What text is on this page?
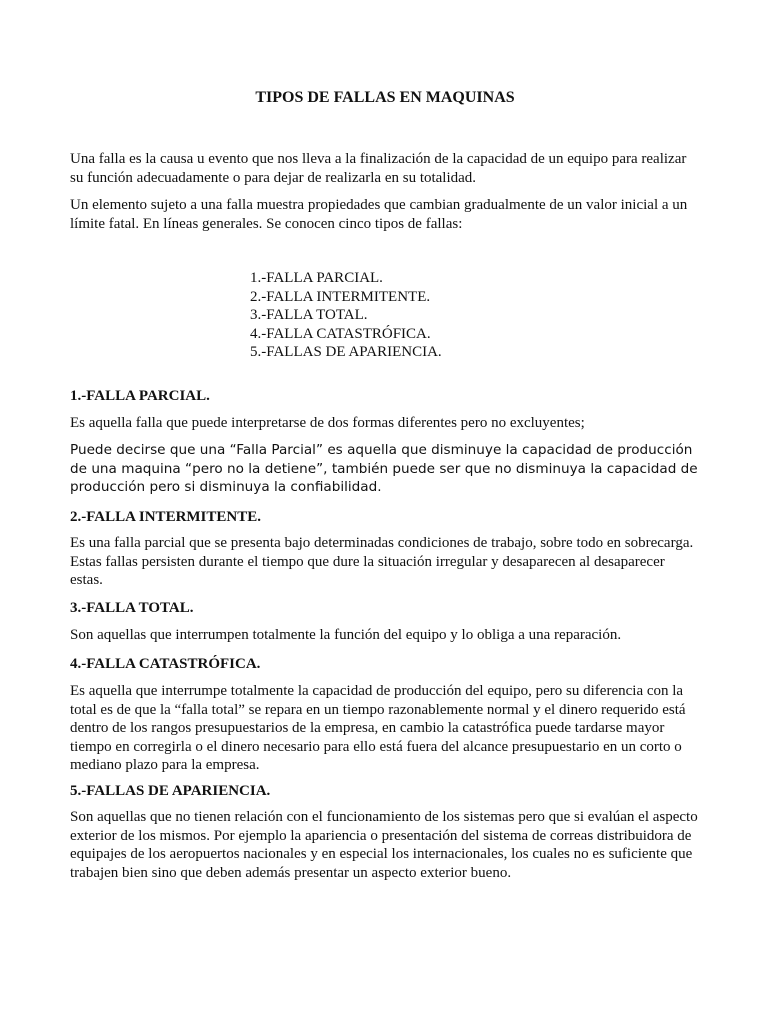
TIPOS DE FALLAS EN MAQUINAS

Una falla es la causa u evento que nos lleva a la finalización de la capacidad de un equipo para realizar su función adecuadamente o para dejar de realizarla en su totalidad.

Un elemento sujeto a una falla muestra propiedades que cambian gradualmente de un valor inicial a un límite fatal. En líneas generales. Se conocen cinco tipos de fallas:

1.-FALLA PARCIAL.
2.-FALLA INTERMITENTE.
3.-FALLA TOTAL.
4.-FALLA CATASTRÓFICA.
5.-FALLAS DE APARIENCIA.
1.-FALLA PARCIAL.

Es aquella falla que puede interpretarse de dos formas diferentes pero no excluyentes;

Puede decirse que una “Falla Parcial” es aquella que disminuye la capacidad de producción de una maquina “pero no la detiene”, también puede ser que no disminuya la capacidad de producción pero si disminuya la confiabilidad.

2.-FALLA INTERMITENTE.

Es una falla parcial que se presenta bajo determinadas condiciones de trabajo, sobre todo en sobrecarga. Estas fallas persisten durante el tiempo que dure la situación irregular y desaparecen al desaparecer estas.

3.-FALLA TOTAL.

Son aquellas que interrumpen totalmente la función del equipo y lo obliga a una reparación.

4.-FALLA CATASTRÓFICA.

Es aquella que interrumpe totalmente la capacidad de producción del equipo, pero su diferencia con la total es de que la “falla total” se repara en un tiempo razonablemente normal y el dinero requerido está dentro de los rangos presupuestarios de la empresa, en cambio la catastrófica puede tardarse mayor tiempo en corregirla o el dinero necesario para ello está fuera del alcance presupuestario en un corto o mediano plazo para la empresa.

5.-FALLAS DE APARIENCIA.

Son aquellas que no tienen relación con el funcionamiento de los sistemas pero que si evalúan el aspecto exterior de los mismos. Por ejemplo la apariencia o presentación del sistema de correas distribuidora de equipajes de los aeropuertos nacionales y en especial los internacionales, los cuales no es suficiente que trabajen bien sino que deben además presentar un aspecto exterior bueno.
